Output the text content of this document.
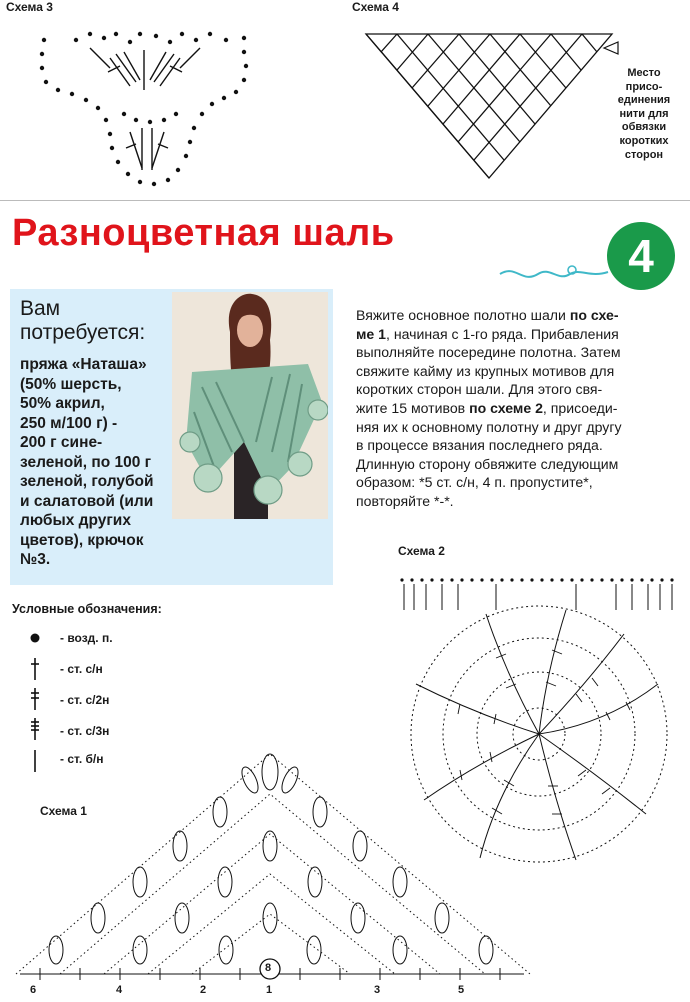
Схема 3	Схема 4
Место
присо-
единения
нити для
обвязки
коротких
сторон
Разноцветная шаль	4
Вам
потребуется:
пряжа «Наташа»
(50% шерсть,
50% акрил,
250 м/100 г) -
200 г сине-
зеленой, по 100 г
зеленой, голубой
и салатовой (или
любых других
цветов), крючок
№3.
Вяжите основное полотно шали по схе-
ме 1, начиная с 1-го ряда. Прибавления
выполняйте посередине полотна. Затем
свяжите кайму из крупных мотивов для
коротких сторон шали. Для этого свя-
жите 15 мотивов по схеме 2, присоеди-
няя их к основному полотну и друг другу
в процессе вязания последнего ряда.
Длинную сторону обвяжите следующим
образом: *5 ст. с/н, 4 п. пропустите*,
повторяйте *-*.
Схема 2
Условные обозначения:
- возд. п.
- ст. с/н
- ст. с/2н
- ст. с/3н
- ст. б/н
Схема 1
8
6	4	2	1	3	5
